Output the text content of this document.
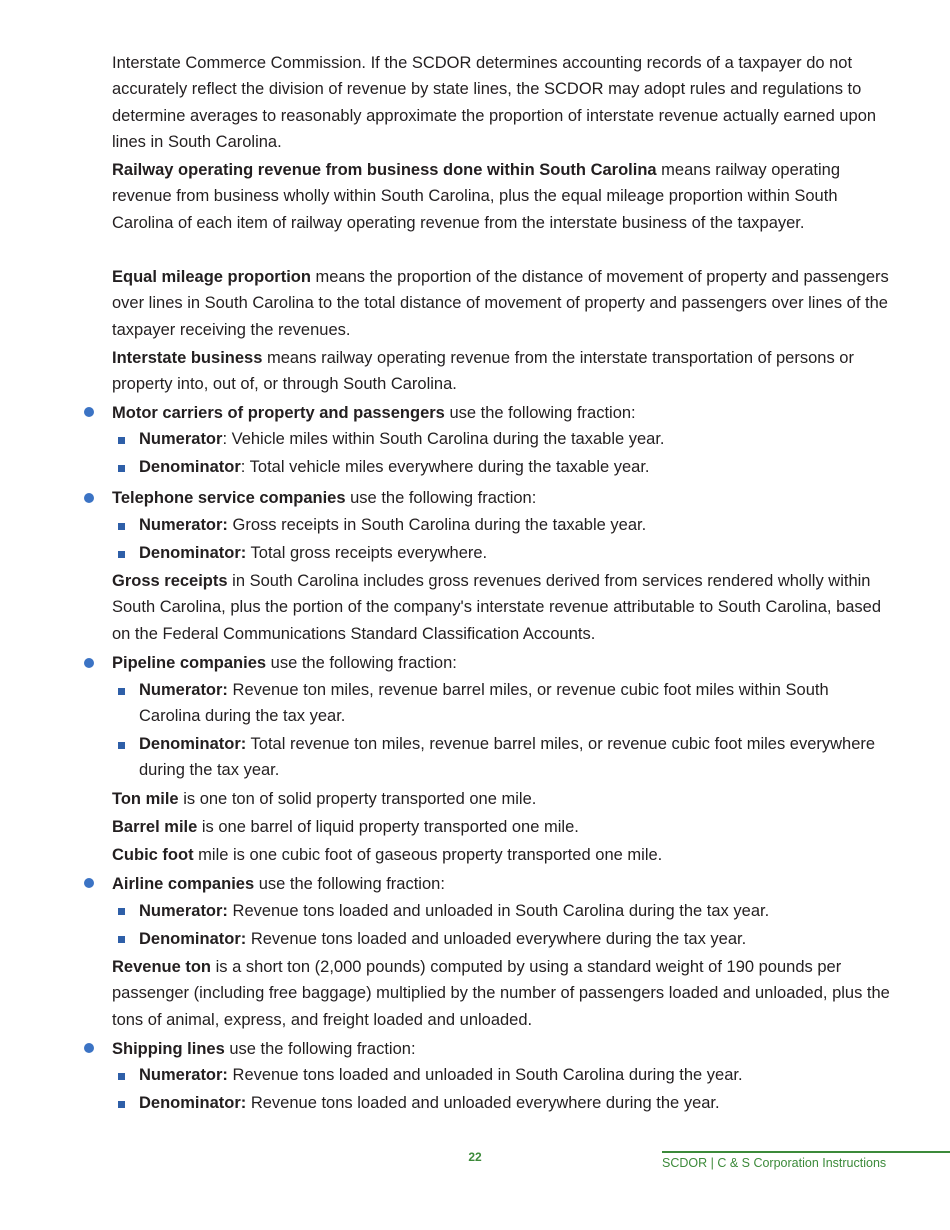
Interstate Commerce Commission. If the SCDOR determines accounting records of a taxpayer do not accurately reflect the division of revenue by state lines, the SCDOR may adopt rules and regulations to determine averages to reasonably approximate the proportion of interstate revenue actually earned upon lines in South Carolina.
Railway operating revenue from business done within South Carolina means railway operating revenue from business wholly within South Carolina, plus the equal mileage proportion within South Carolina of each item of railway operating revenue from the interstate business of the taxpayer.
Equal mileage proportion means the proportion of the distance of movement of property and passengers over lines in South Carolina to the total distance of movement of property and passengers over lines of the taxpayer receiving the revenues.
Interstate business means railway operating revenue from the interstate transportation of persons or property into, out of, or through South Carolina.
Motor carriers of property and passengers use the following fraction:
Numerator: Vehicle miles within South Carolina during the taxable year.
Denominator: Total vehicle miles everywhere during the taxable year.
Telephone service companies use the following fraction:
Numerator: Gross receipts in South Carolina during the taxable year.
Denominator: Total gross receipts everywhere.
Gross receipts in South Carolina includes gross revenues derived from services rendered wholly within South Carolina, plus the portion of the company's interstate revenue attributable to South Carolina, based on the Federal Communications Standard Classification Accounts.
Pipeline companies use the following fraction:
Numerator: Revenue ton miles, revenue barrel miles, or revenue cubic foot miles within South Carolina during the tax year.
Denominator: Total revenue ton miles, revenue barrel miles, or revenue cubic foot miles everywhere during the tax year.
Ton mile is one ton of solid property transported one mile.
Barrel mile is one barrel of liquid property transported one mile.
Cubic foot mile is one cubic foot of gaseous property transported one mile.
Airline companies use the following fraction:
Numerator: Revenue tons loaded and unloaded in South Carolina during the tax year.
Denominator: Revenue tons loaded and unloaded everywhere during the tax year.
Revenue ton is a short ton (2,000 pounds) computed by using a standard weight of 190 pounds per passenger (including free baggage) multiplied by the number of passengers loaded and unloaded, plus the tons of animal, express, and freight loaded and unloaded.
Shipping lines use the following fraction:
Numerator: Revenue tons loaded and unloaded in South Carolina during the year.
Denominator: Revenue tons loaded and unloaded everywhere during the year.
22	SCDOR | C & S Corporation Instructions
